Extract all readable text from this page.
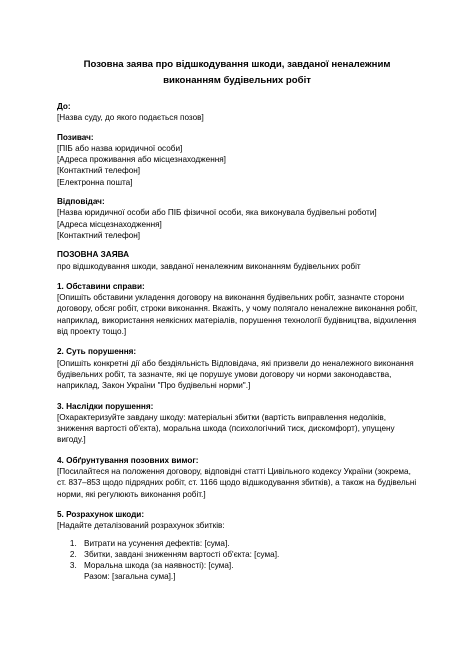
Позовна заява про відшкодування шкоди, завданої неналежним
виконанням будівельних робіт

До:

[Назва суду, до якого подається позов]

Позивач:

[ПІБ або назва юридичної особи]

[Адреса проживання або місцезнаходження]

[Контактний телефон]

[Електронна пошта]

Відповідач:

[Назва юридичної особи або ПІБ фізичної особи, яка виконувала будівельні роботи]

[Адреса місцезнаходження]

[Контактний телефон]

ПОЗОВНА ЗАЯВА

про відшкодування шкоди, завданої неналежним виконанням будівельних робіт

1. Обставини справи:

[Опишіть обставини укладення договору на виконання будівельних робіт, зазначте сторони договору, обсяг робіт, строки виконання. Вкажіть, у чому полягало неналежне виконання робіт, наприклад, використання неякісних матеріалів, порушення технології будівництва, відхилення від проекту тощо.]

2. Суть порушення:

[Опишіть конкретні дії або бездіяльність Відповідача, які призвели до неналежного виконання будівельних робіт, та зазначте, які це порушує умови договору чи норми законодавства, наприклад, Закон України "Про будівельні норми".]

3. Наслідки порушення:

[Охарактеризуйте завдану шкоду: матеріальні збитки (вартість виправлення недоліків, зниження вартості об'єкта), моральна шкода (психологічний тиск, дискомфорт), упущену вигоду.]

4. Обґрунтування позовних вимог:

[Посилайтеся на положення договору, відповідні статті Цивільного кодексу України (зокрема, ст. 837–853 щодо підрядних робіт, ст. 1166 щодо відшкодування збитків), а також на будівельні норми, які регулюють виконання робіт.]

5. Розрахунок шкоди:

[Надайте деталізований розрахунок збитків:

1. Витрати на усунення дефектів: [сума].
2. Збитки, завдані зниженням вартості об'єкта: [сума].
3. Моральна шкода (за наявності): [сума].

Разом: [загальна сума].]
